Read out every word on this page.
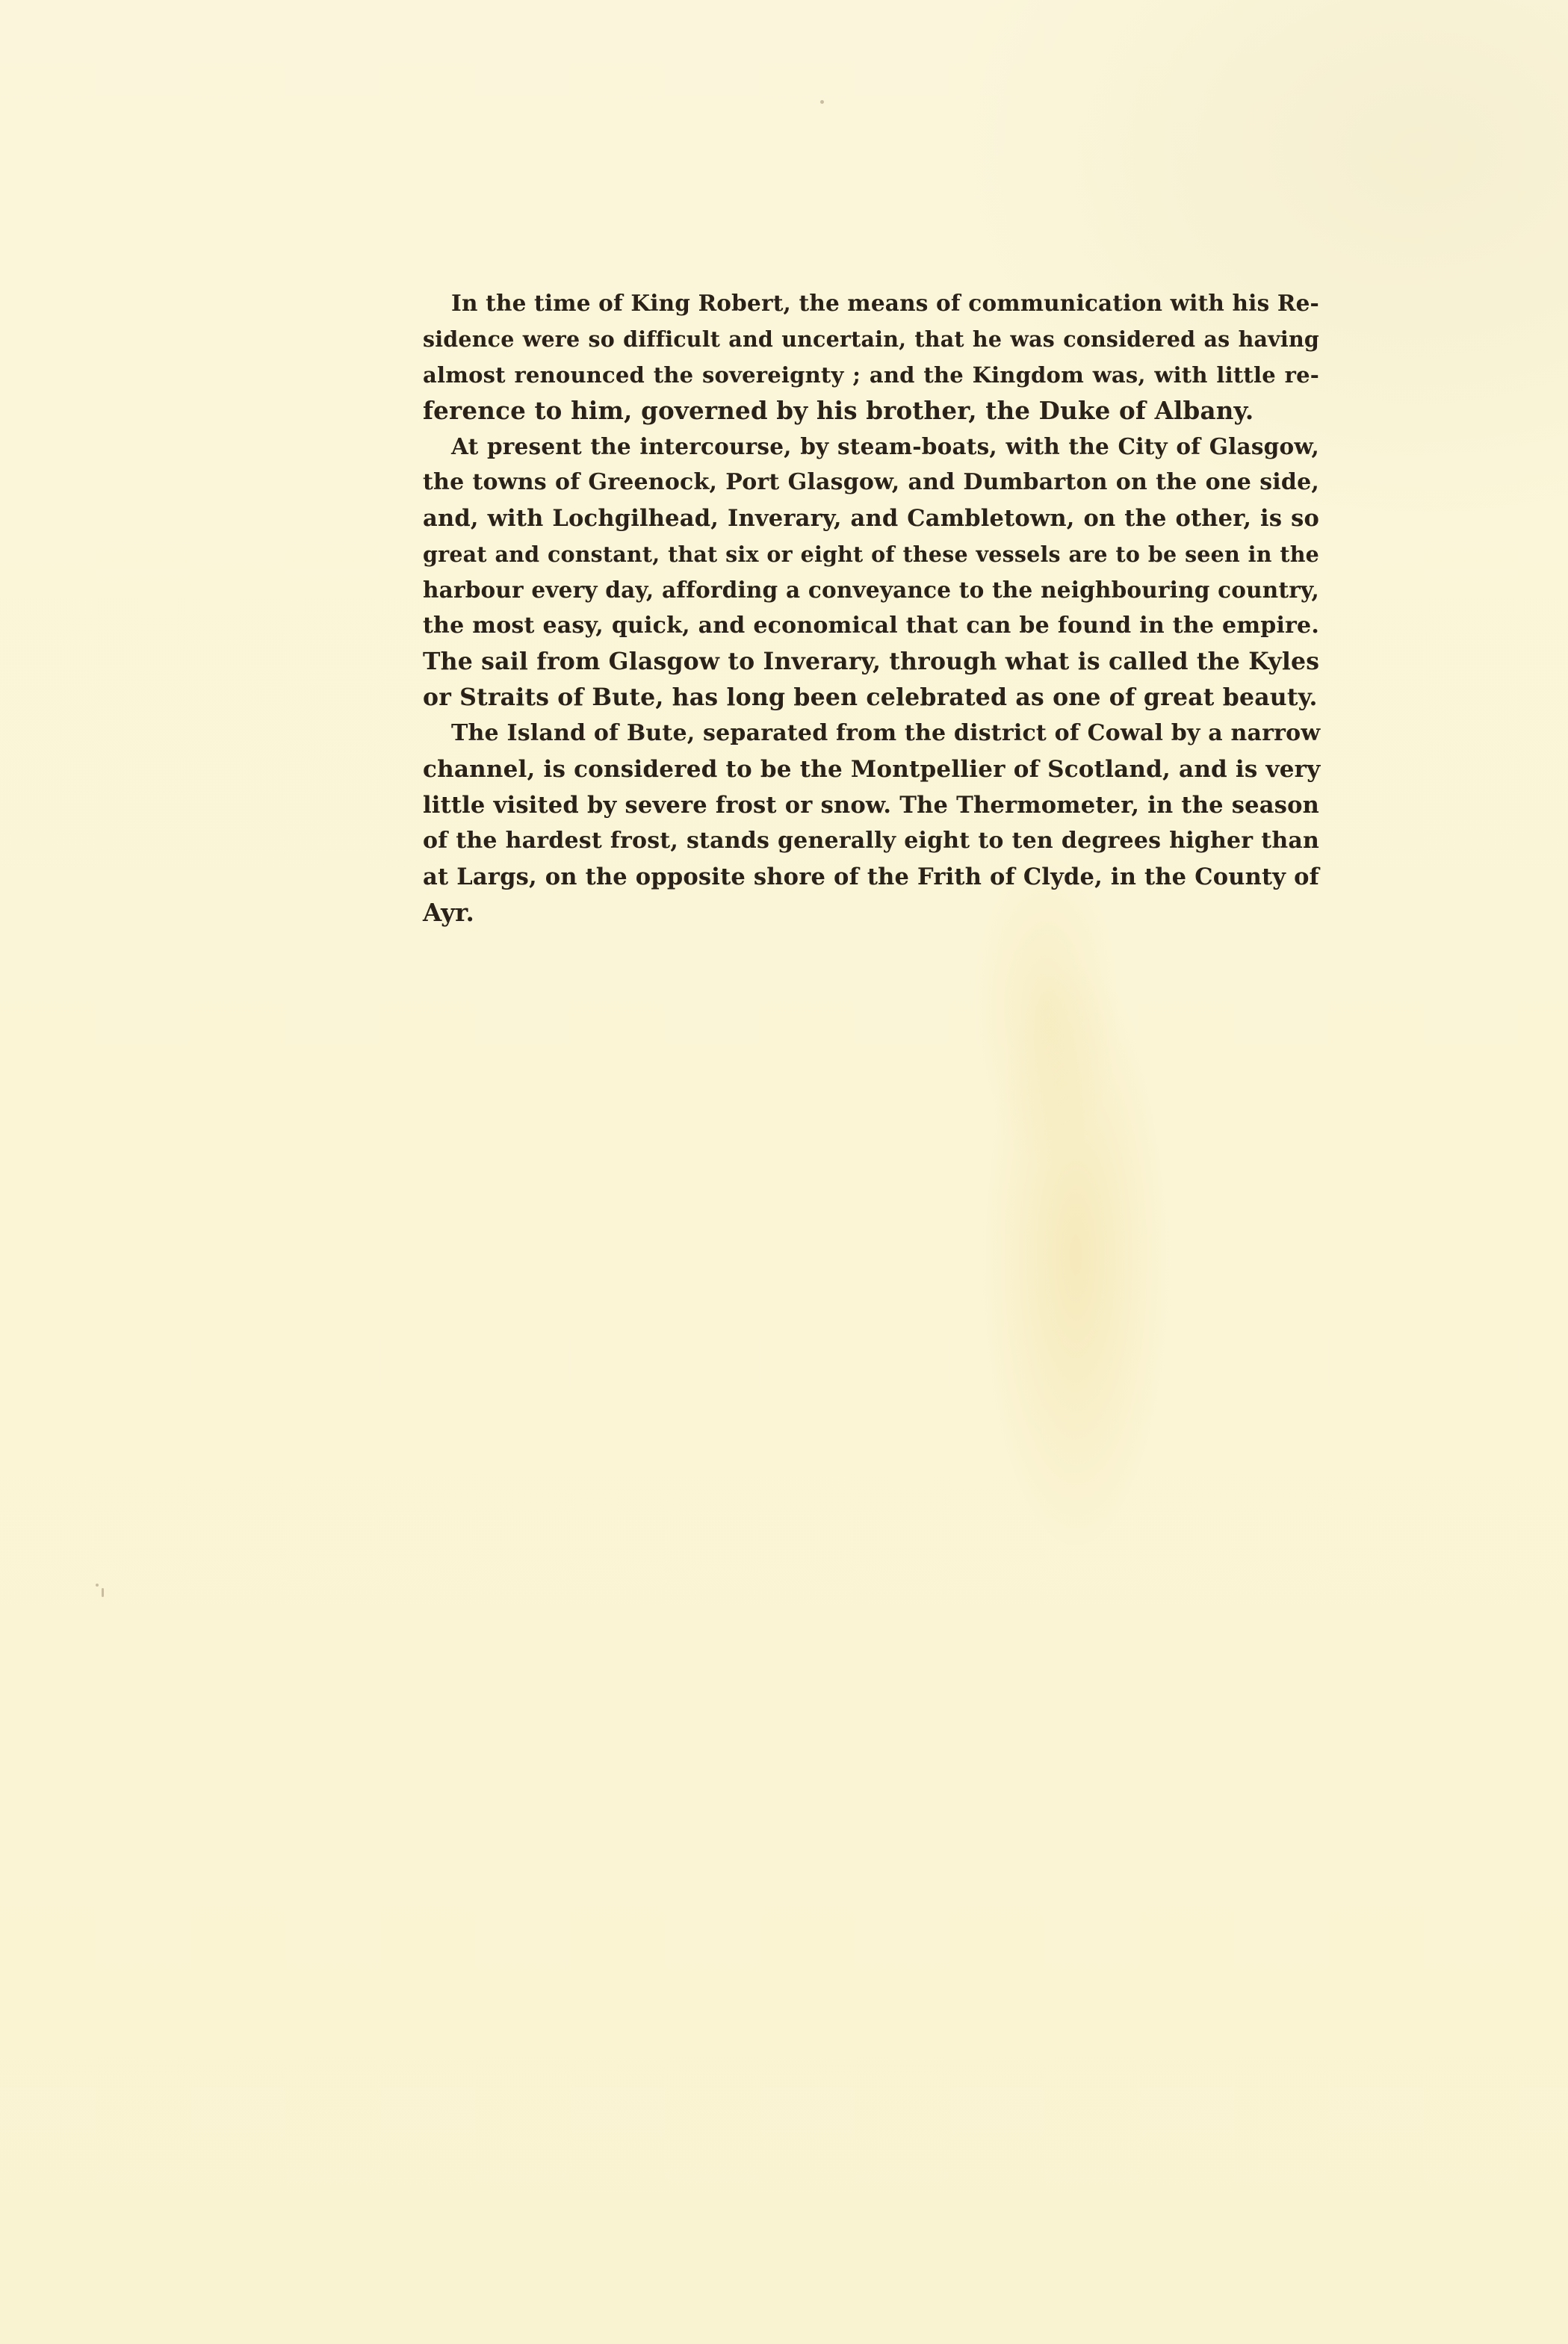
In the time of King Robert, the means of communication with his Re-
sidence were so difficult and uncertain, that he was considered as having
almost renounced the sovereignty ; and the Kingdom was, with little re-
ference to him, governed by his brother, the Duke of Albany.
At present the intercourse, by steam-boats, with the City of Glasgow,
the towns of Greenock, Port Glasgow, and Dumbarton on the one side,
and, with Lochgilhead, Inverary, and Cambletown, on the other, is so
great and constant, that six or eight of these vessels are to be seen in the
harbour every day, affording a conveyance to the neighbouring country,
the most easy, quick, and economical that can be found in the empire.
The sail from Glasgow to Inverary, through what is called the Kyles
or Straits of Bute, has long been celebrated as one of great beauty.
The Island of Bute, separated from the district of Cowal by a narrow
channel, is considered to be the Montpellier of Scotland, and is very
little visited by severe frost or snow. The Thermometer, in the season
of the hardest frost, stands generally eight to ten degrees higher than
at Largs, on the opposite shore of the Frith of Clyde, in the County of
Ayr.
